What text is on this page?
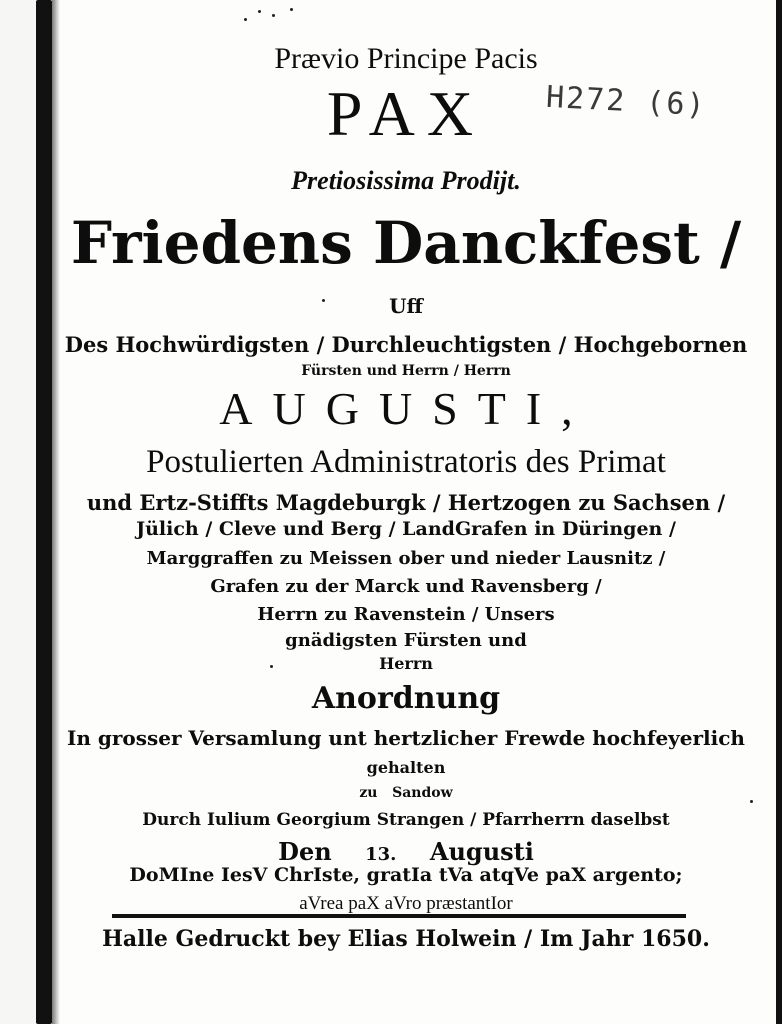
Prævio Principe Pacis
PAX	H272 (6)
Pretiosissima Prodijt.
Friedens Danckfest /
Uff
Des Hochwürdigsten / Durchleuchtigsten / Hochgebornen
Fürsten und Herrn / Herrn
AUGUSTI,
Postulierten Administratoris des Primat
und Ertz-Stiffts Magdeburgk / Hertzogen zu Sachsen /
Jülich / Cleve und Berg / LandGrafen in Düringen /
Marggraffen zu Meissen ober und nieder Lausnitz /
Grafen zu der Marck und Ravensberg /
Herrn zu Ravenstein / Unsers
gnädigsten Fürsten und
Herrn
Anordnung
In grosser Versamlung unt hertzlicher Frewde hochfeyerlich
gehalten
zu Sandow
Durch Iulium Georgium Strangen / Pfarrherrn daselbst
Den 13. Augusti
DoMIne IesV ChrIste, gratIa tVa atqVe paX argento;
aVrea paX aVro præstantIor
Halle Gedruckt bey Elias Holwein / Im Jahr 1650.
